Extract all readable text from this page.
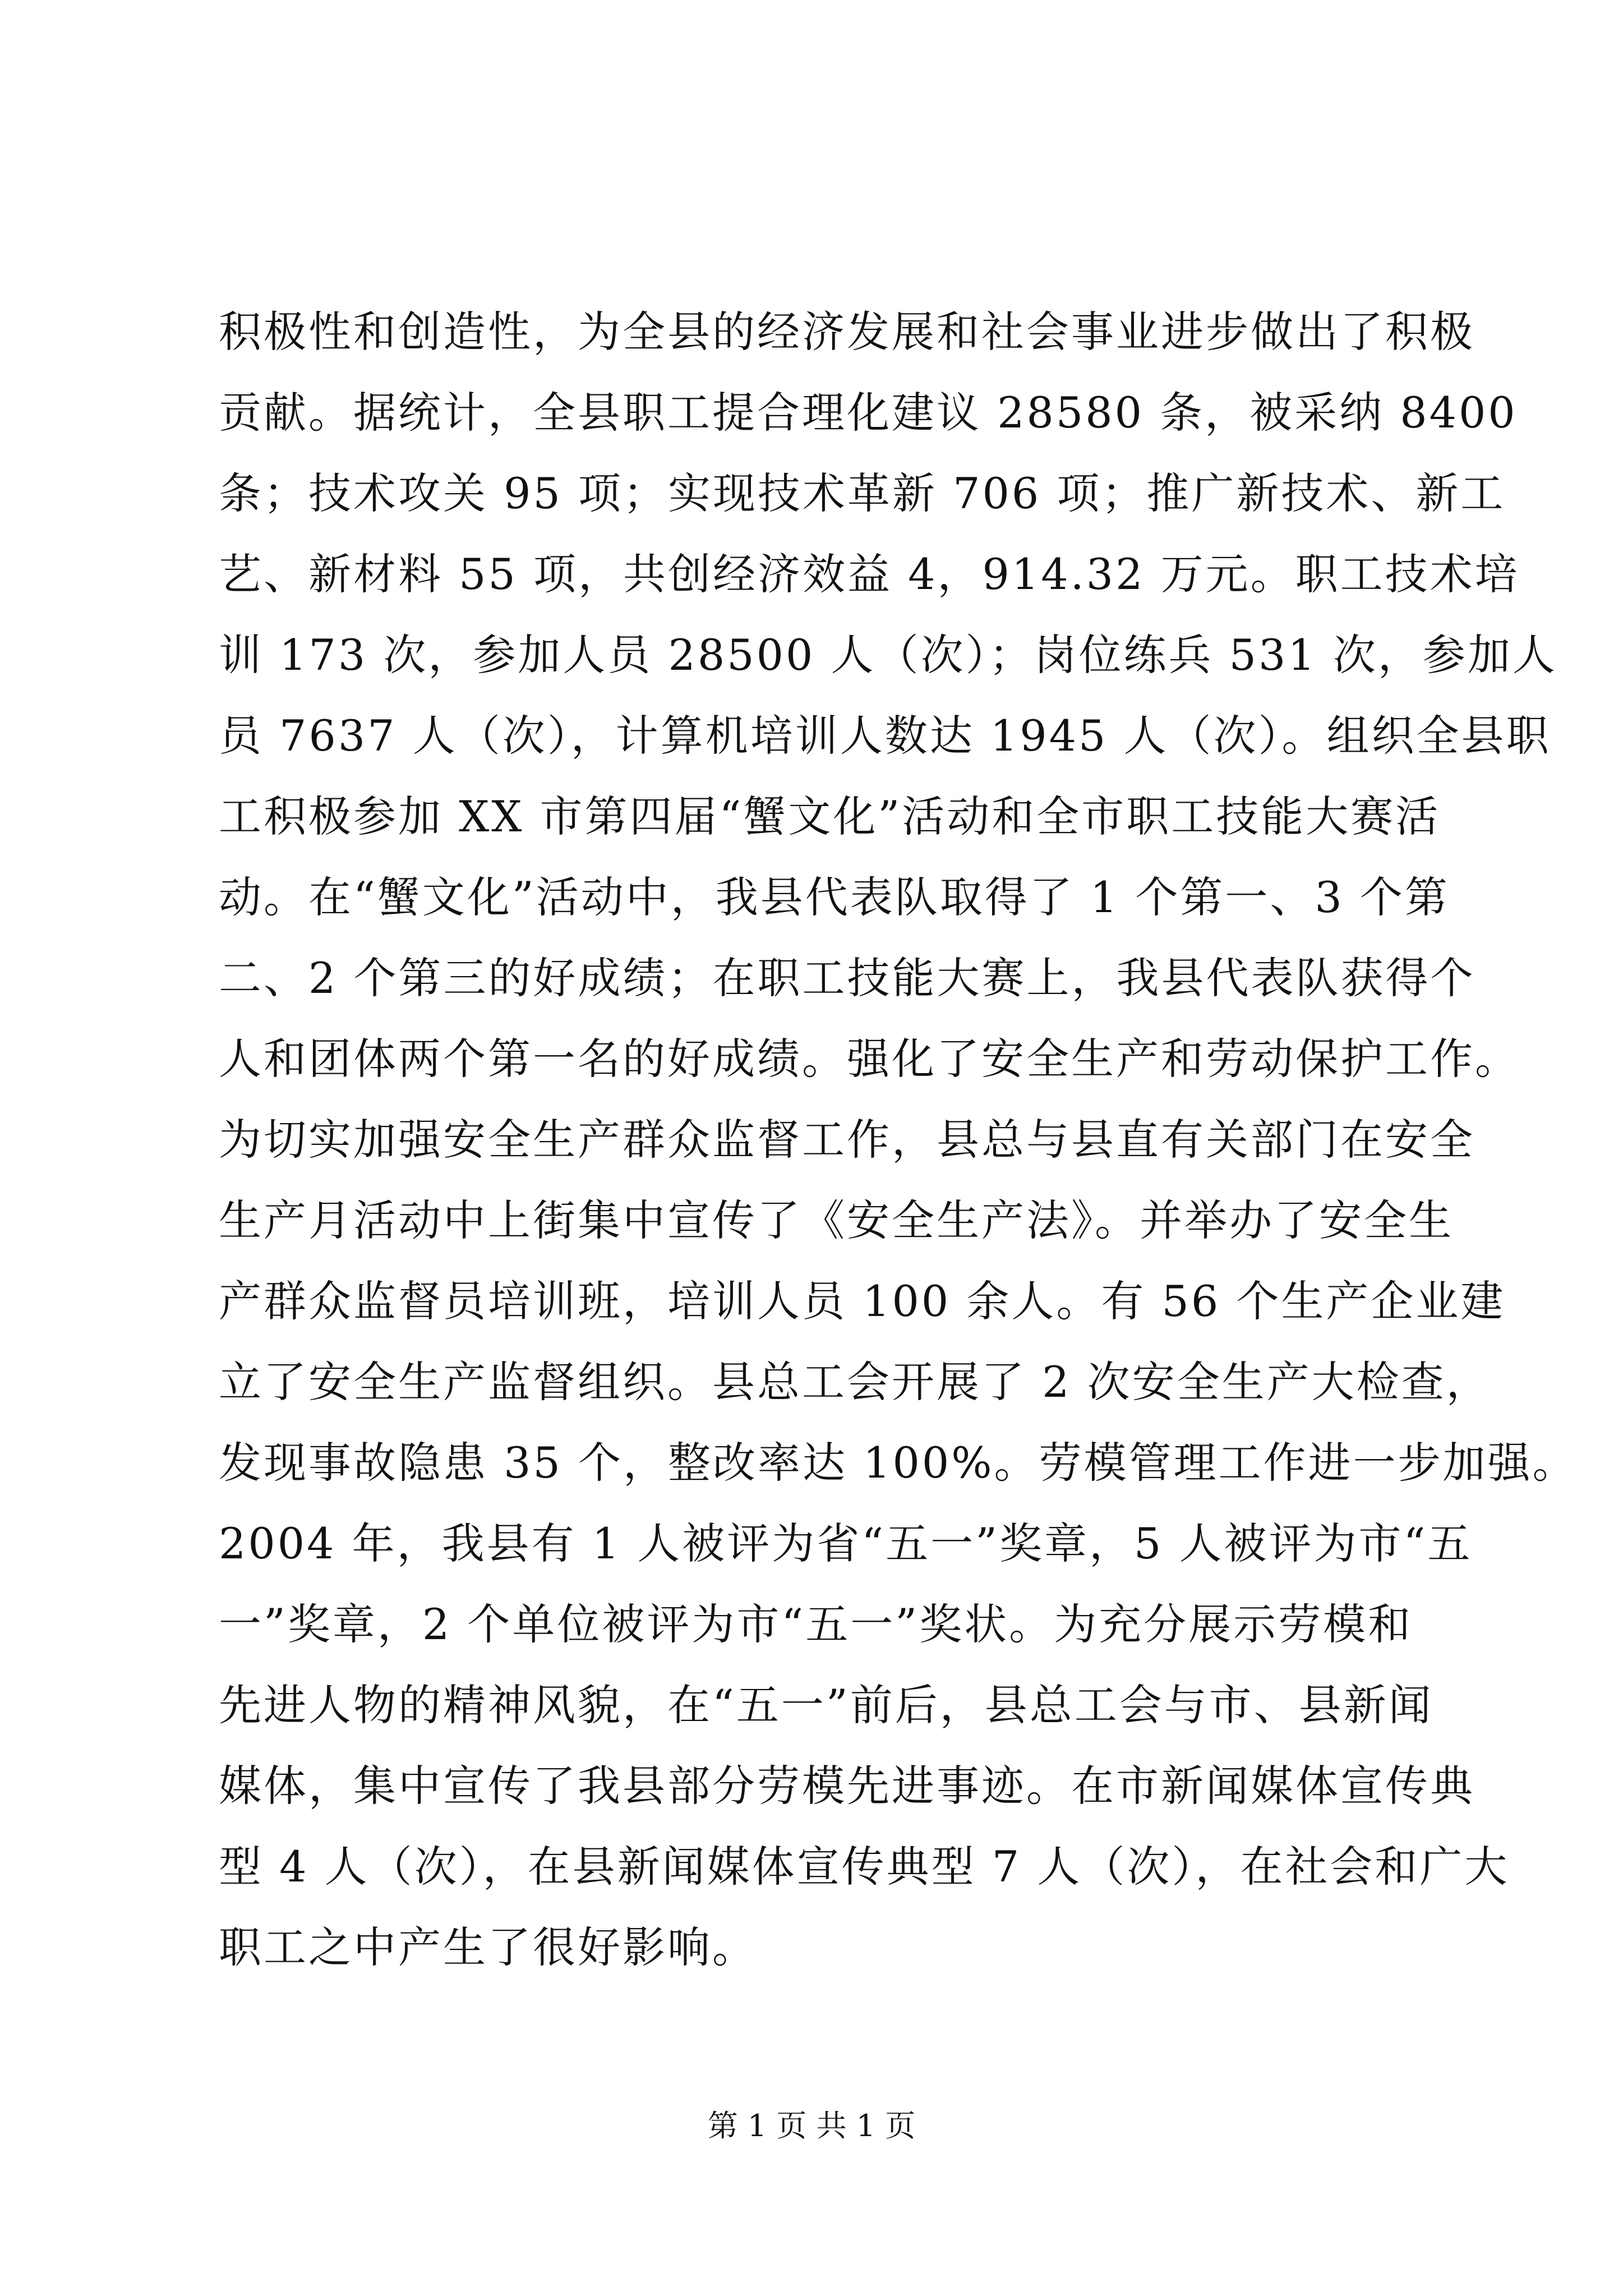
积极性和创造性，为全县的经济发展和社会事业进步做出了积极
贡献。据统计，全县职工提合理化建议 28580 条，被采纳 8400
条；技术攻关 95 项；实现技术革新 706 项；推广新技术、新工
艺、新材料 55 项，共创经济效益 4，914.32 万元。职工技术培
训 173 次，参加人员 28500 人（次）；岗位练兵 531 次，参加人
员 7637 人（次），计算机培训人数达 1945 人（次）。组织全县职
工积极参加 XX 市第四届“蟹文化”活动和全市职工技能大赛活
动。在“蟹文化”活动中，我县代表队取得了 1 个第一、3 个第
二、2 个第三的好成绩；在职工技能大赛上，我县代表队获得个
人和团体两个第一名的好成绩。强化了安全生产和劳动保护工作。
为切实加强安全生产群众监督工作，县总与县直有关部门在安全
生产月活动中上街集中宣传了《安全生产法》。并举办了安全生
产群众监督员培训班，培训人员 100 余人。有 56 个生产企业建
立了安全生产监督组织。县总工会开展了 2 次安全生产大检查，
发现事故隐患 35 个，整改率达 100%。劳模管理工作进一步加强。
2004 年，我县有 1 人被评为省“五一”奖章，5 人被评为市“五
一”奖章，2 个单位被评为市“五一”奖状。为充分展示劳模和
先进人物的精神风貌，在“五一”前后，县总工会与市、县新闻
媒体，集中宣传了我县部分劳模先进事迹。在市新闻媒体宣传典
型 4 人（次），在县新闻媒体宣传典型 7 人（次），在社会和广大
职工之中产生了很好影响。
第 1 页 共 1 页
